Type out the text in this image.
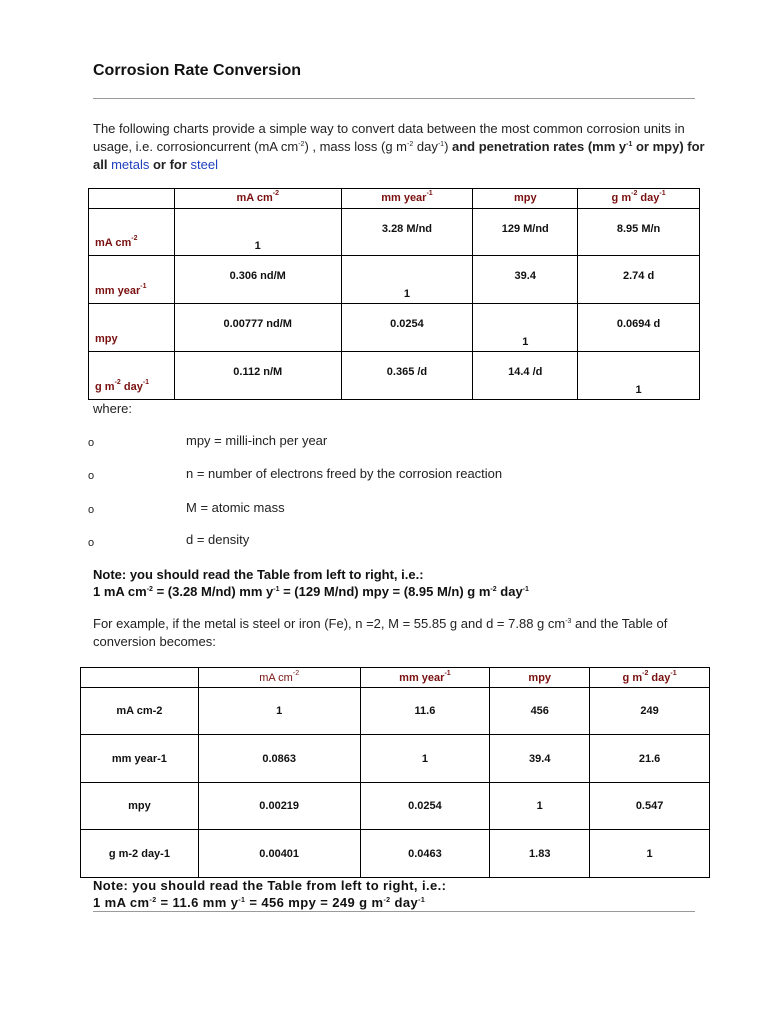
Corrosion Rate Conversion
The following charts provide a simple way to convert data between the most common corrosion units in usage, i.e. corrosioncurrent (mA $cm^{-2}$) , mass loss (g $m^{-2}$ day$^{-1}$) and penetration rates (mm $y^{-1}$ or mpy) for all metals or for steel
	mA $cm^{-2}$	mm year$^{-1}$	mpy	g $m^{-2}$ day$^{-1}$
mA $cm^{-2}$	1	3.28 M/nd	129 M/nd	8.95 M/n
mm year$^{-1}$	0.306 nd/M	1	39.4	2.74 d
mpy	0.00777 nd/M	0.0254	1	0.0694 d
g $m^{-2}$ day$^{-1}$	0.112 n/M	0.365 /d	14.4 /d	1
where:
o	mpy = milli-inch per year
o	n = number of electrons freed by the corrosion reaction
o	M = atomic mass
o	d = density
Note: you should read the Table from left to right, i.e.:
1 mA $cm^{-2} = (3.28$ M/nd) mm $y^{-1} = (129$ M/nd) mpy = (8.95 M/n) g $m^{-2}$ day$^{-1}$
For example, if the metal is steel or iron (Fe), n =2, M = 55.85 g and d = 7.88 g $cm^{-3}$ and the Table of conversion becomes:
	mA $cm^{-2}$	mm year$^{-1}$	mpy	g $m^{-2}$ day$^{-1}$
mA cm-2	1	11.6	456	249
mm year-1	0.0863	1	39.4	21.6
mpy	0.00219	0.0254	1	0.547
g m-2 day-1	0.00401	0.0463	1.83	1
Note: you should read the Table from left to right, i.e.:
1 mA $cm^{-2} = 11.6$ mm $y^{-1} = 456$ mpy = 249 g $m^{-2}$ day$^{-1}$
